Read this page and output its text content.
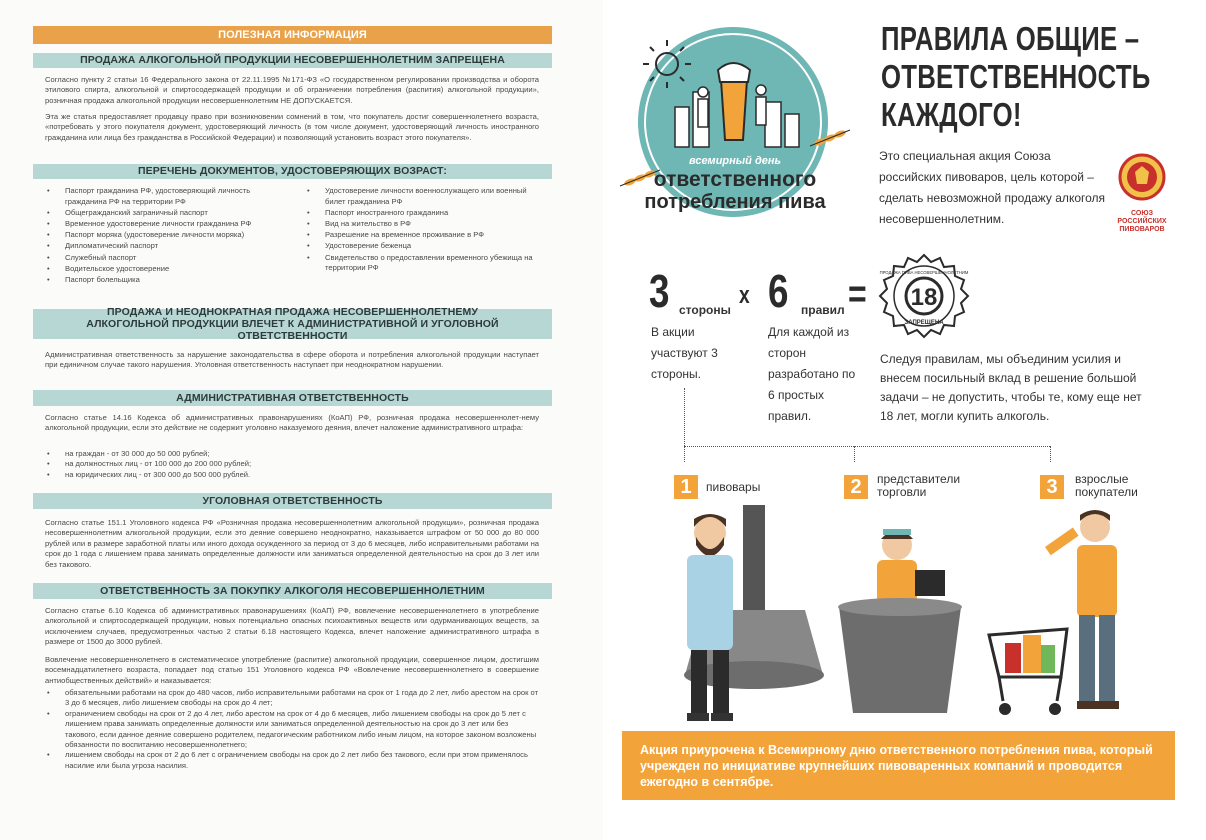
ПОЛЕЗНАЯ ИНФОРМАЦИЯ
ПРОДАЖА АЛКОГОЛЬНОЙ ПРОДУКЦИИ НЕСОВЕРШЕННОЛЕТНИМ ЗАПРЕЩЕНА
Согласно пункту 2 статьи 16 Федерального закона от 22.11.1995 №171-ФЗ «О государственном регулировании производства и оборота этилового спирта, алкогольной и спиртосодержащей продукции и об ограничении потребления (распития) алкогольной продукции», розничная продажа алкогольной продукции несовершеннолетним НЕ ДОПУСКАЕТСЯ.
Эта же статья предоставляет продавцу право при возникновении сомнений в том, что покупатель достиг совершеннолетнего возраста, «потребовать у этого покупателя документ, удостоверяющий личность (в том числе документ, удостоверяющий личность иностранного гражданина или лица без гражданства в Российской Федерации) и позволяющий установить возраст этого покупателя».
ПЕРЕЧЕНЬ ДОКУМЕНТОВ, УДОСТОВЕРЯЮЩИХ ВОЗРАСТ:
• Паспорт гражданина РФ, удостоверяющий личность гражданина РФ на территории РФ
• Общегражданский заграничный паспорт
• Временное удостоверение личности гражданина РФ
• Паспорт моряка (удостоверение личности моряка)
• Дипломатический паспорт
• Служебный паспорт
• Водительское удостоверение
• Паспорт болельщика
• Удостоверение личности военнослужащего или военный билет гражданина РФ
• Паспорт иностранного гражданина
• Вид на жительство в РФ
• Разрешение на временное проживание в РФ
• Удостоверение беженца
• Свидетельство о предоставлении временного убежища на территории РФ
ПРОДАЖА И НЕОДНОКРАТНАЯ ПРОДАЖА НЕСОВЕРШЕННОЛЕТНЕМУ АЛКОГОЛЬНОЙ ПРОДУКЦИИ ВЛЕЧЕТ К АДМИНИСТРАТИВНОЙ И УГОЛОВНОЙ ОТВЕТСТВЕННОСТИ
Административная ответственность за нарушение законодательства в сфере оборота и потребления алкогольной продукции наступает при единичном случае такого нарушения. Уголовная ответственность наступает при неоднократном нарушении.
АДМИНИСТРАТИВНАЯ ОТВЕТСТВЕННОСТЬ
Согласно статье 14.16 Кодекса об административных правонарушениях (КоАП) РФ, розничная продажа несовершеннолет-нему алкогольной продукции, если это действие не содержит уголовно наказуемого деяния, влечет наложение административного штрафа:
• на граждан - от 30 000 до 50 000 рублей;
• на должностных лиц - от 100 000 до 200 000 рублей;
• на юридических лиц - от 300 000 до 500 000 рублей.
УГОЛОВНАЯ ОТВЕТСТВЕННОСТЬ
Согласно статье 151.1 Уголовного кодекса РФ «Розничная продажа несовершеннолетним алкогольной продукции», розничная продажа несовершеннолетним алкогольной продукции, если это деяние совершено неоднократно, наказывается штрафом от 50 000 до 80 000 рублей или в размере заработной платы или иного дохода осужденного за период от 3 до 6 месяцев, либо исправительными работами на срок до 1 года с лишением права занимать определенные должности или заниматься определенной деятельностью на срок до 3 лет или без такового.
ОТВЕТСТВЕННОСТЬ ЗА ПОКУПКУ АЛКОГОЛЯ НЕСОВЕРШЕННОЛЕТНИМ
Согласно статье 6.10 Кодекса об административных правонарушениях (КоАП) РФ, вовлечение несовершеннолетнего в употребление алкогольной и спиртосодержащей продукции, новых потенциально опасных психоактивных веществ или одурманивающих веществ, за исключением случаев, предусмотренных частью 2 статьи 6.18 настоящего Кодекса, влечет наложение административного штрафа в размере от 1500 до 3000 рублей.
Вовлечение несовершеннолетнего в систематическое употребление (распитие) алкогольной продукции, совершенное лицом, достигшим восемнадцатилетнего возраста, попадает под статью 151 Уголовного кодекса РФ «Вовлечение несовершеннолетнего в совершение антиобщественных действий» и наказывается:
• обязательными работами на срок до 480 часов, либо исправительными работами на срок от 1 года до 2 лет, либо арестом на срок от 3 до 6 месяцев, либо лишением свободы на срок до 4 лет;
• ограничением свободы на срок от 2 до 4 лет, либо арестом на срок от 4 до 6 месяцев, либо лишением свободы на срок до 5 лет с лишением права занимать определенные должности или заниматься определенной деятельностью на срок до 3 лет или без такового, если данное деяние совершено родителем, педагогическим работником либо иным лицом, на которое законом возложены обязанности по воспитанию несовершеннолетнего;
• лишением свободы на срок от 2 до 6 лет с ограничением свободы на срок до 2 лет либо без такового, если при этом применялось насилие или была угроза насилия.
всемирный день
ответственного
потребления пива
ПРАВИЛА ОБЩИЕ –
ОТВЕТСТВЕННОСТЬ
КАЖДОГО!
Это специальная акция Союза российских пивоваров, цель которой – сделать невозможной продажу алкоголя несовершеннолетним.	СОЮЗ
РОССИЙСКИХ
ПИВОВАРОВ
3 стороны
x 6 правил = 18
ПРОДАЖА ПИВА НЕСОВЕРШЕННОЛЕТНИМ
ЗАПРЕЩЕНА
В акции участвуют 3 стороны.
Для каждой из сторон разработано по 6 простых правил.
Следуя правилам, мы объединим усилия и внесем посильный вклад в решение большой задачи – не допустить, чтобы те, кому еще нет 18 лет, могли купить алкоголь.
1	пивовары	2	представители торговли	3	взрослые покупатели
Акция приурочена к Всемирному дню ответственного потребления пива, который учрежден по инициативе крупнейших пивоваренных компаний и проводится ежегодно в сентябре.
